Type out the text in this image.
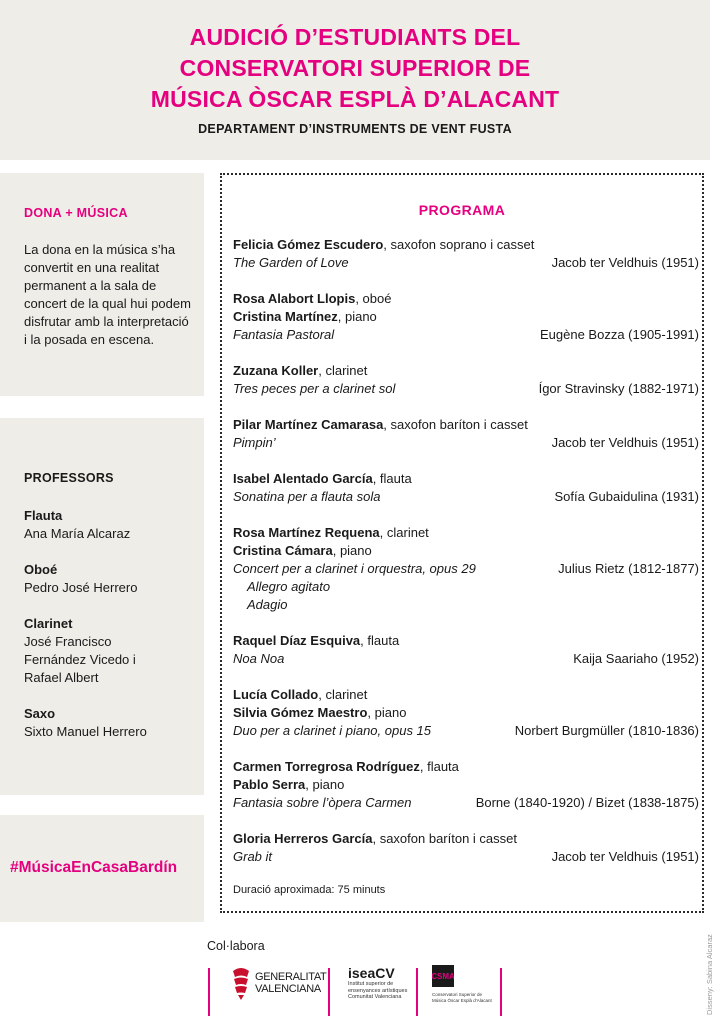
AUDICIÓ D’ESTUDIANTS DEL
CONSERVATORI SUPERIOR DE
MÚSICA ÒSCAR ESPLÀ D’ALACANT
DEPARTAMENT D’INSTRUMENTS DE VENT FUSTA
DONA + MÚSICA
La dona en la música s’ha convertit en una realitat permanent a la sala de concert de la qual hui podem disfrutar amb la interpretació i la posada en escena.
PROFESSORS
Flauta
Ana María Alcaraz
Oboé
Pedro José Herrero
Clarinet
José Francisco
Fernández Vicedo i
Rafael Albert
Saxo
Sixto Manuel Herrero
#MúsicaEnCasaBardín
PROGRAMA
Felicia Gómez Escudero, saxofon soprano i casset
The Garden of Love	Jacob ter Veldhuis (1951)
Rosa Alabort Llopis, oboé
Cristina Martínez, piano
Fantasia Pastoral	Eugène Bozza (1905-1991)
Zuzana Koller, clarinet
Tres peces per a clarinet sol	Ígor Stravinsky (1882-1971)
Pilar Martínez Camarasa, saxofon baríton i casset
Pimpin’	Jacob ter Veldhuis (1951)
Isabel Alentado García, flauta
Sonatina per a flauta sola	Sofía Gubaidulina (1931)
Rosa Martínez Requena, clarinet
Cristina Cámara, piano
Concert per a clarinet i orquestra, opus 29	Julius Rietz (1812-1877)
Allegro agitato
Adagio
Raquel Díaz Esquiva, flauta
Noa Noa	Kaija Saariaho (1952)
Lucía Collado, clarinet
Silvia Gómez Maestro, piano
Duo per a clarinet i piano, opus 15	Norbert Burgmüller (1810-1836)
Carmen Torregrosa Rodríguez, flauta
Pablo Serra, piano
Fantasia sobre l’òpera Carmen	Borne (1840-1920) / Bizet (1838-1875)
Gloria Herreros García, saxofon baríton i casset
Grab it	Jacob ter Veldhuis (1951)
Duració aproximada: 75 minuts
Disseny: Sabina Alcaraz
Col·labora
GENERALITAT
VALENCIANA
iseaCV
Institut superior de ensenyances artístiques Comunitat Valenciana
CSMA
Conservatori Superior de Música Òscar Esplà d’Alacant
